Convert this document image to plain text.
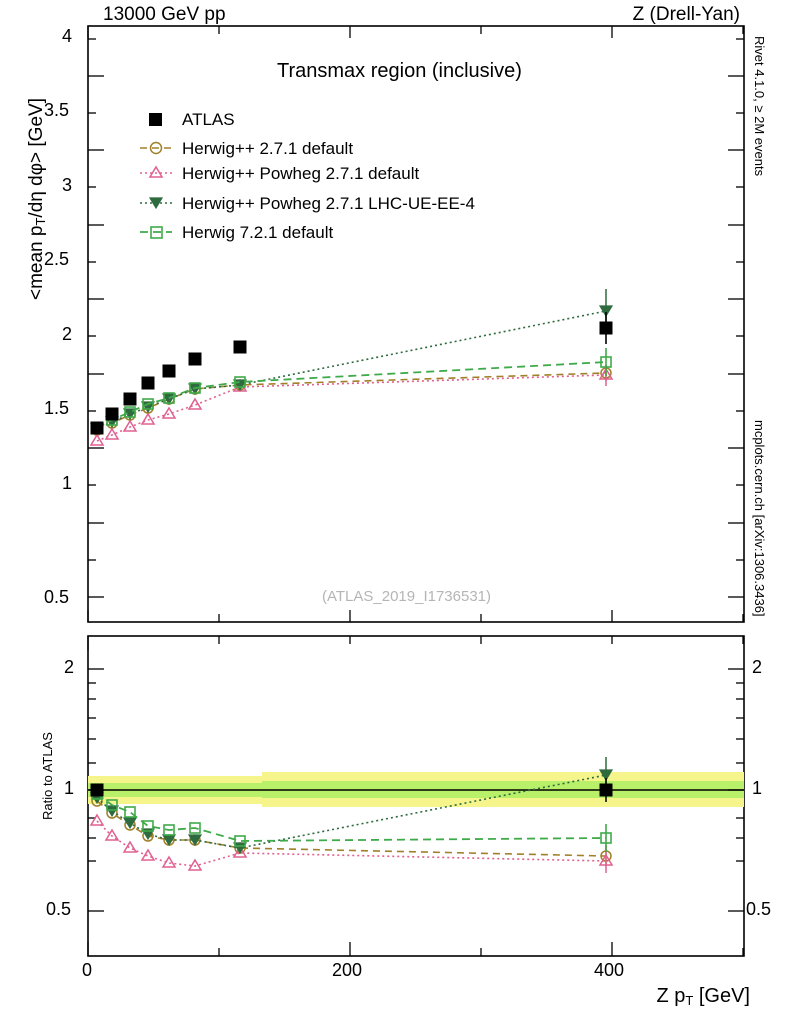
13000 GeV pp	Z (Drell-Yan)
Rivet 4.1.0, ≥ 2M events
mcplots.cern.ch [arXiv:1306.3436]
<mean pT/dη dφ> [GeV]
Ratio to ATLAS
Z pT [GeV]
Transmax region (inclusive)
(ATLAS_2019_I1736531)
ATLAS
Herwig++ 2.7.1 default
Herwig++ Powheg 2.7.1 default
Herwig++ Powheg 2.7.1 LHC-UE-EE-4
Herwig 7.2.1 default
4
3.5
3
2.5
2
1.5
1
0.5
2
1
0.5
2
1
0.5
0	200	400
